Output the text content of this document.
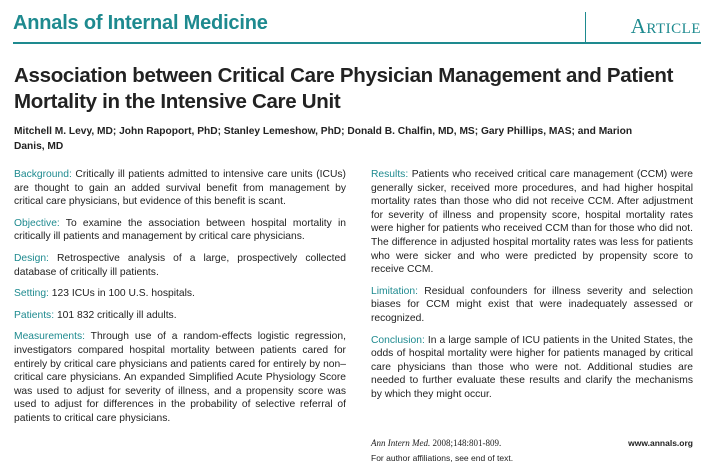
Annals of Internal Medicine	ARTICLE
Association between Critical Care Physician Management and Patient Mortality in the Intensive Care Unit
Mitchell M. Levy, MD; John Rapoport, PhD; Stanley Lemeshow, PhD; Donald B. Chalfin, MD, MS; Gary Phillips, MAS; and Marion Danis, MD

Background: Critically ill patients admitted to intensive care units (ICUs) are thought to gain an added survival benefit from management by critical care physicians, but evidence of this benefit is scant.

Objective: To examine the association between hospital mortality in critically ill patients and management by critical care physicians.

Design: Retrospective analysis of a large, prospectively collected database of critically ill patients.

Setting: 123 ICUs in 100 U.S. hospitals.

Patients: 101 832 critically ill adults.

Measurements: Through use of a random-effects logistic regression, investigators compared hospital mortality between patients cared for entirely by critical care physicians and patients cared for entirely by non–critical care physicians. An expanded Simplified Acute Physiology Score was used to adjust for severity of illness, and a propensity score was used to adjust for differences in the probability of selective referral of patients to critical care physicians.

Results: Patients who received critical care management (CCM) were generally sicker, received more procedures, and had higher hospital mortality rates than those who did not receive CCM. After adjustment for severity of illness and propensity score, hospital mortality rates were higher for patients who received CCM than for those who did not. The difference in adjusted hospital mortality rates was less for patients who were sicker and who were predicted by propensity score to receive CCM.

Limitation: Residual confounders for illness severity and selection biases for CCM might exist that were inadequately assessed or recognized.

Conclusion: In a large sample of ICU patients in the United States, the odds of hospital mortality were higher for patients managed by critical care physicians than those who were not. Additional studies are needed to further evaluate these results and clarify the mechanisms by which they might occur.

Ann Intern Med. 2008;148:801-809.	www.annals.org
For author affiliations, see end of text.
